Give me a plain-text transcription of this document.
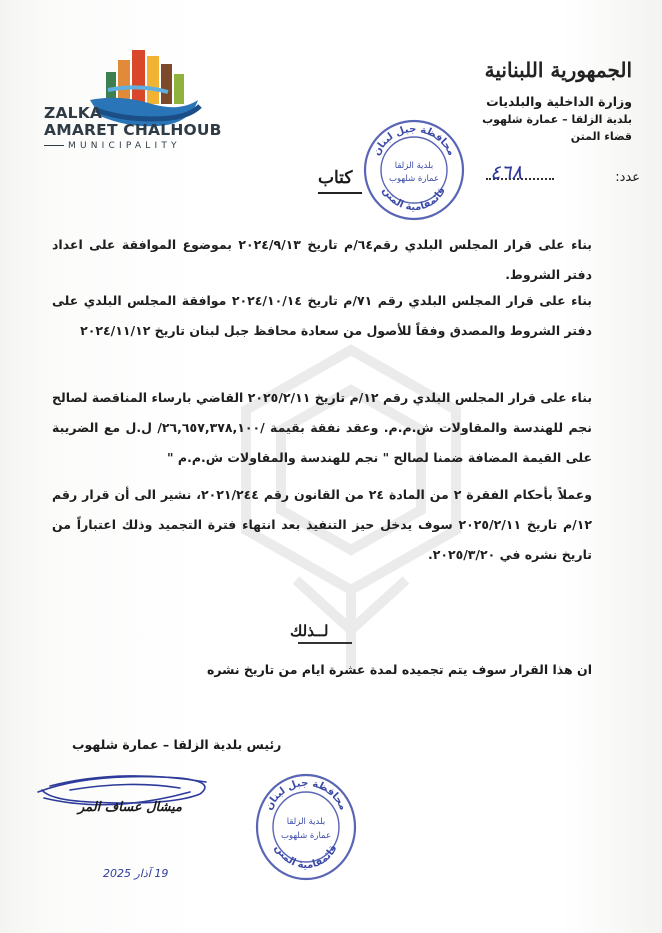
ZALKA
AMARET CHALHOUB
MUNICIPALITY
الجمهورية اللبنانية
وزارة الداخلية والبلديات
بلدية الزلقا – عمارة شلهوب
قضاء المتن
عدد:
٤٦٨
محافظة جبل لبنان
قائمقامية المتن
بلدية الزلقا
عمارة شلهوب
كتاب
بناء على قرار المجلس البلدي رقم٦٤/م تاريخ ٢٠٢٤/٩/١٣ بموضوع الموافقة على اعداد دفتر الشروط.
بناء على قرار المجلس البلدي رقم ٧١/م تاريخ ٢٠٢٤/١٠/١٤ موافقة المجلس البلدي على دفتر الشروط والمصدق وفقاً للأصول من سعادة محافظ جبل لبنان تاريخ ٢٠٢٤/١١/١٢
بناء على قرار المجلس البلدي رقم ١٢/م تاريخ ٢٠٢٥/٢/١١ القاضي بارساء المناقصة لصالح نجم للهندسة والمقاولات ش.م.م. وعقد نفقة بقيمة /٢٦,٦٥٧,٣٧٨,١٠٠/ ل.ل مع الضريبة على القيمة المضافة ضمنا لصالح " نجم للهندسة والمقاولات ش.م.م "
وعملاً بأحكام الفقرة ٢ من المادة ٢٤ من القانون رقم ٢٠٢١/٢٤٤، نشير الى أن قرار رقم ١٢/م تاريخ ٢٠٢٥/٢/١١ سوف يدخل حيز التنفيذ بعد انتهاء فترة التجميد وذلك اعتباراً من تاريخ نشره في ٢٠٢٥/٣/٢٠.
لــذلك
ان هذا القرار سوف يتم تجميده لمدة عشرة ايام من تاريخ نشره
رئيس بلدية الزلقا – عمارة شلهوب
ميشال عساف المر	محافظة جبل لبنان
قائمقامية المتن
بلدية الزلقا
عمارة شلهوب
19 آذار 2025
